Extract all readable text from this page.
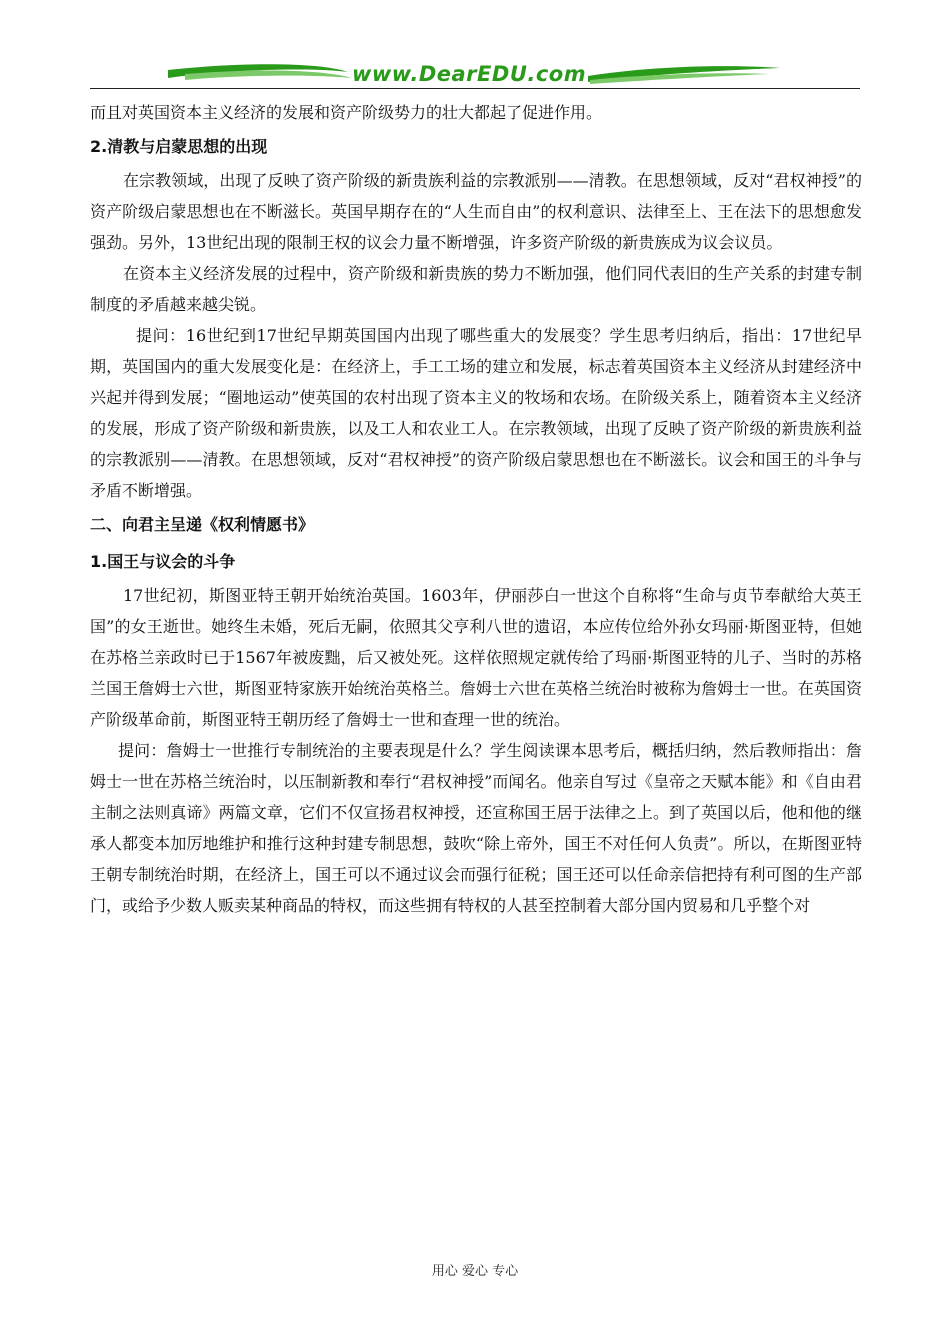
www.DearEDU.com

而且对英国资本主义经济的发展和资产阶级势力的壮大都起了促进作用。

2.清教与启蒙思想的出现

在宗教领域，出现了反映了资产阶级的新贵族利益的宗教派别——清教。在思想领域，反对“君权神授”的资产阶级启蒙思想也在不断滋长。英国早期存在的“人生而自由”的权利意识、法律至上、王在法下的思想愈发强劲。另外，13世纪出现的限制王权的议会力量不断增强，许多资产阶级的新贵族成为议会议员。

在资本主义经济发展的过程中，资产阶级和新贵族的势力不断加强，他们同代表旧的生产关系的封建专制制度的矛盾越来越尖锐。

提问：16世纪到17世纪早期英国国内出现了哪些重大的发展变？学生思考归纳后，指出：17世纪早期，英国国内的重大发展变化是：在经济上，手工工场的建立和发展，标志着英国资本主义经济从封建经济中兴起并得到发展；“圈地运动”使英国的农村出现了资本主义的牧场和农场。在阶级关系上，随着资本主义经济的发展，形成了资产阶级和新贵族，以及工人和农业工人。在宗教领域，出现了反映了资产阶级的新贵族利益的宗教派别——清教。在思想领域，反对“君权神授”的资产阶级启蒙思想也在不断滋长。议会和国王的斗争与矛盾不断增强。

二、向君主呈递《权利情愿书》

1.国王与议会的斗争

17世纪初，斯图亚特王朝开始统治英国。1603年，伊丽莎白一世这个自称将“生命与贞节奉献给大英王国”的女王逝世。她终生未婚，死后无嗣，依照其父亨利八世的遗诏，本应传位给外孙女玛丽·斯图亚特，但她在苏格兰亲政时已于1567年被废黜，后又被处死。这样依照规定就传给了玛丽·斯图亚特的儿子、当时的苏格兰国王詹姆士六世，斯图亚特家族开始统治英格兰。詹姆士六世在英格兰统治时被称为詹姆士一世。在英国资产阶级革命前，斯图亚特王朝历经了詹姆士一世和查理一世的统治。

提问：詹姆士一世推行专制统治的主要表现是什么？学生阅读课本思考后，概括归纳，然后教师指出：詹姆士一世在苏格兰统治时，以压制新教和奉行“君权神授”而闻名。他亲自写过《皇帝之天赋本能》和《自由君主制之法则真谛》两篇文章，它们不仅宣扬君权神授，还宣称国王居于法律之上。到了英国以后，他和他的继承人都变本加厉地维护和推行这种封建专制思想，鼓吹“除上帝外，国王不对任何人负责”。所以，在斯图亚特王朝专制统治时期，在经济上，国王可以不通过议会而强行征税；国王还可以任命亲信把持有利可图的生产部门，或给予少数人贩卖某种商品的特权，而这些拥有特权的人甚至控制着大部分国内贸易和几乎整个对

用心 爱心 专心
